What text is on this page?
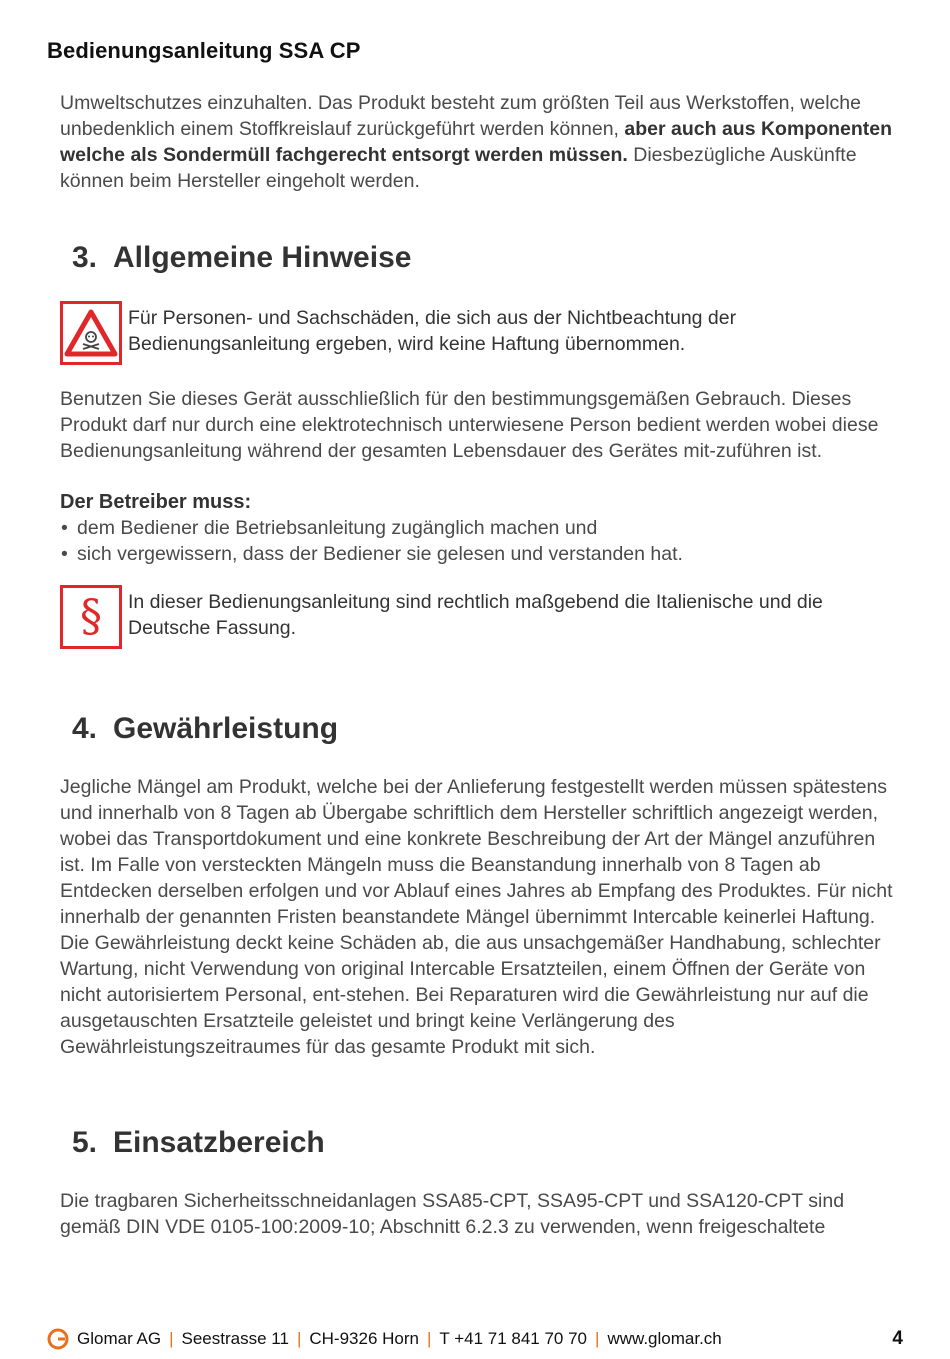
Bedienungsanleitung SSA CP

Umweltschutzes einzuhalten. Das Produkt besteht zum größten Teil aus Werkstoffen, welche unbedenklich einem Stoffkreislauf zurückgeführt werden können, aber auch aus Komponenten welche als Sondermüll fachgerecht entsorgt werden müssen. Diesbezügliche Auskünfte können beim Hersteller eingeholt werden.

3. Allgemeine Hinweise
Für Personen- und Sachschäden, die sich aus der Nichtbeachtung der Bedienungsanleitung ergeben, wird keine Haftung übernommen.

Benutzen Sie dieses Gerät ausschließlich für den bestimmungsgemäßen Gebrauch. Dieses Produkt darf nur durch eine elektrotechnisch unterwiesene Person bedient werden wobei diese Bedienungsanleitung während der gesamten Lebensdauer des Gerätes mit-zuführen ist.

Der Betreiber muss:

• dem Bediener die Betriebsanleitung zugänglich machen und
• sich vergewissern, dass der Bediener sie gelesen und verstanden hat.
§ In dieser Bedienungsanleitung sind rechtlich maßgebend die Italienische und die Deutsche Fassung.
4. Gewährleistung

Jegliche Mängel am Produkt, welche bei der Anlieferung festgestellt werden müssen spätestens und innerhalb von 8 Tagen ab Übergabe schriftlich dem Hersteller schriftlich angezeigt werden, wobei das Transportdokument und eine konkrete Beschreibung der Art der Mängel anzuführen ist. Im Falle von versteckten Mängeln muss die Beanstandung innerhalb von 8 Tagen ab Entdecken derselben erfolgen und vor Ablauf eines Jahres ab Empfang des Produktes. Für nicht innerhalb der genannten Fristen beanstandete Mängel übernimmt Intercable keinerlei Haftung. Die Gewährleistung deckt keine Schäden ab, die aus unsachgemäßer Handhabung, schlechter Wartung, nicht Verwendung von original Intercable Ersatzteilen, einem Öffnen der Geräte von nicht autorisiertem Personal, ent-stehen. Bei Reparaturen wird die Gewährleistung nur auf die ausgetauschten Ersatzteile geleistet und bringt keine Verlängerung des Gewährleistungszeitraumes für das gesamte Produkt mit sich.

5. Einsatzbereich

Die tragbaren Sicherheitsschneidanlagen SSA85-CPT, SSA95-CPT und SSA120-CPT sind gemäß DIN VDE 0105-100:2009-10; Abschnitt 6.2.3 zu verwenden, wenn freigeschaltete

Glomar AG | Seestrasse 11 | CH-9326 Horn | T +41 71 841 70 70 | www.glomar.ch	4
